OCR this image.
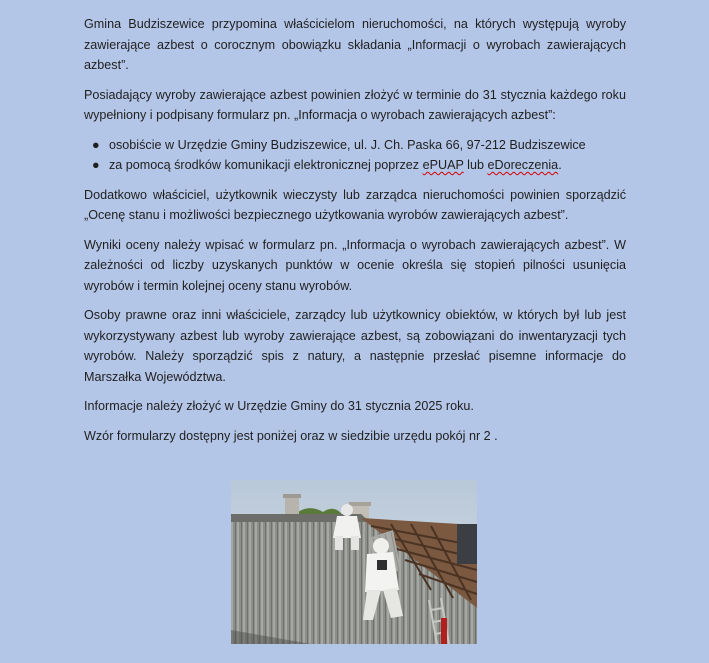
Gmina Budziszewice przypomina właścicielom nieruchomości, na których występują wyroby zawierające azbest o corocznym obowiązku składania „Informacji o wyrobach zawierających azbest”.

Posiadający wyroby zawierające azbest powinien złożyć w terminie do 31 stycznia każdego roku wypełniony i podpisany formularz pn. „Informacja o wyrobach zawierających azbest”:

● osobiście w Urzędzie Gminy Budziszewice, ul. J. Ch. Paska 66, 97-212 Budziszewice
● za pomocą środków komunikacji elektronicznej poprzez ePUAP lub eDoreczenia.

Dodatkowo właściciel, użytkownik wieczysty lub zarządca nieruchomości powinien sporządzić „Ocenę stanu i możliwości bezpiecznego użytkowania wyrobów zawierających azbest”.

Wyniki oceny należy wpisać w formularz pn. „Informacja o wyrobach zawierających azbest”. W zależności od liczby uzyskanych punktów w ocenie określa się stopień pilności usunięcia wyrobów i termin kolejnej oceny stanu wyrobów.

Osoby prawne oraz inni właściciele, zarządcy lub użytkownicy obiektów, w których był lub jest wykorzystywany azbest lub wyroby zawierające azbest, są zobowiązani do inwentaryzacji tych wyrobów. Należy sporządzić spis z natury, a następnie przesłać pisemne informacje do Marszałka Województwa.

Informacje należy złożyć w Urzędzie Gminy do 31 stycznia 2025 roku.

Wzór formularzy dostępny jest poniżej oraz w siedzibie urzędu pokój nr 2 .
